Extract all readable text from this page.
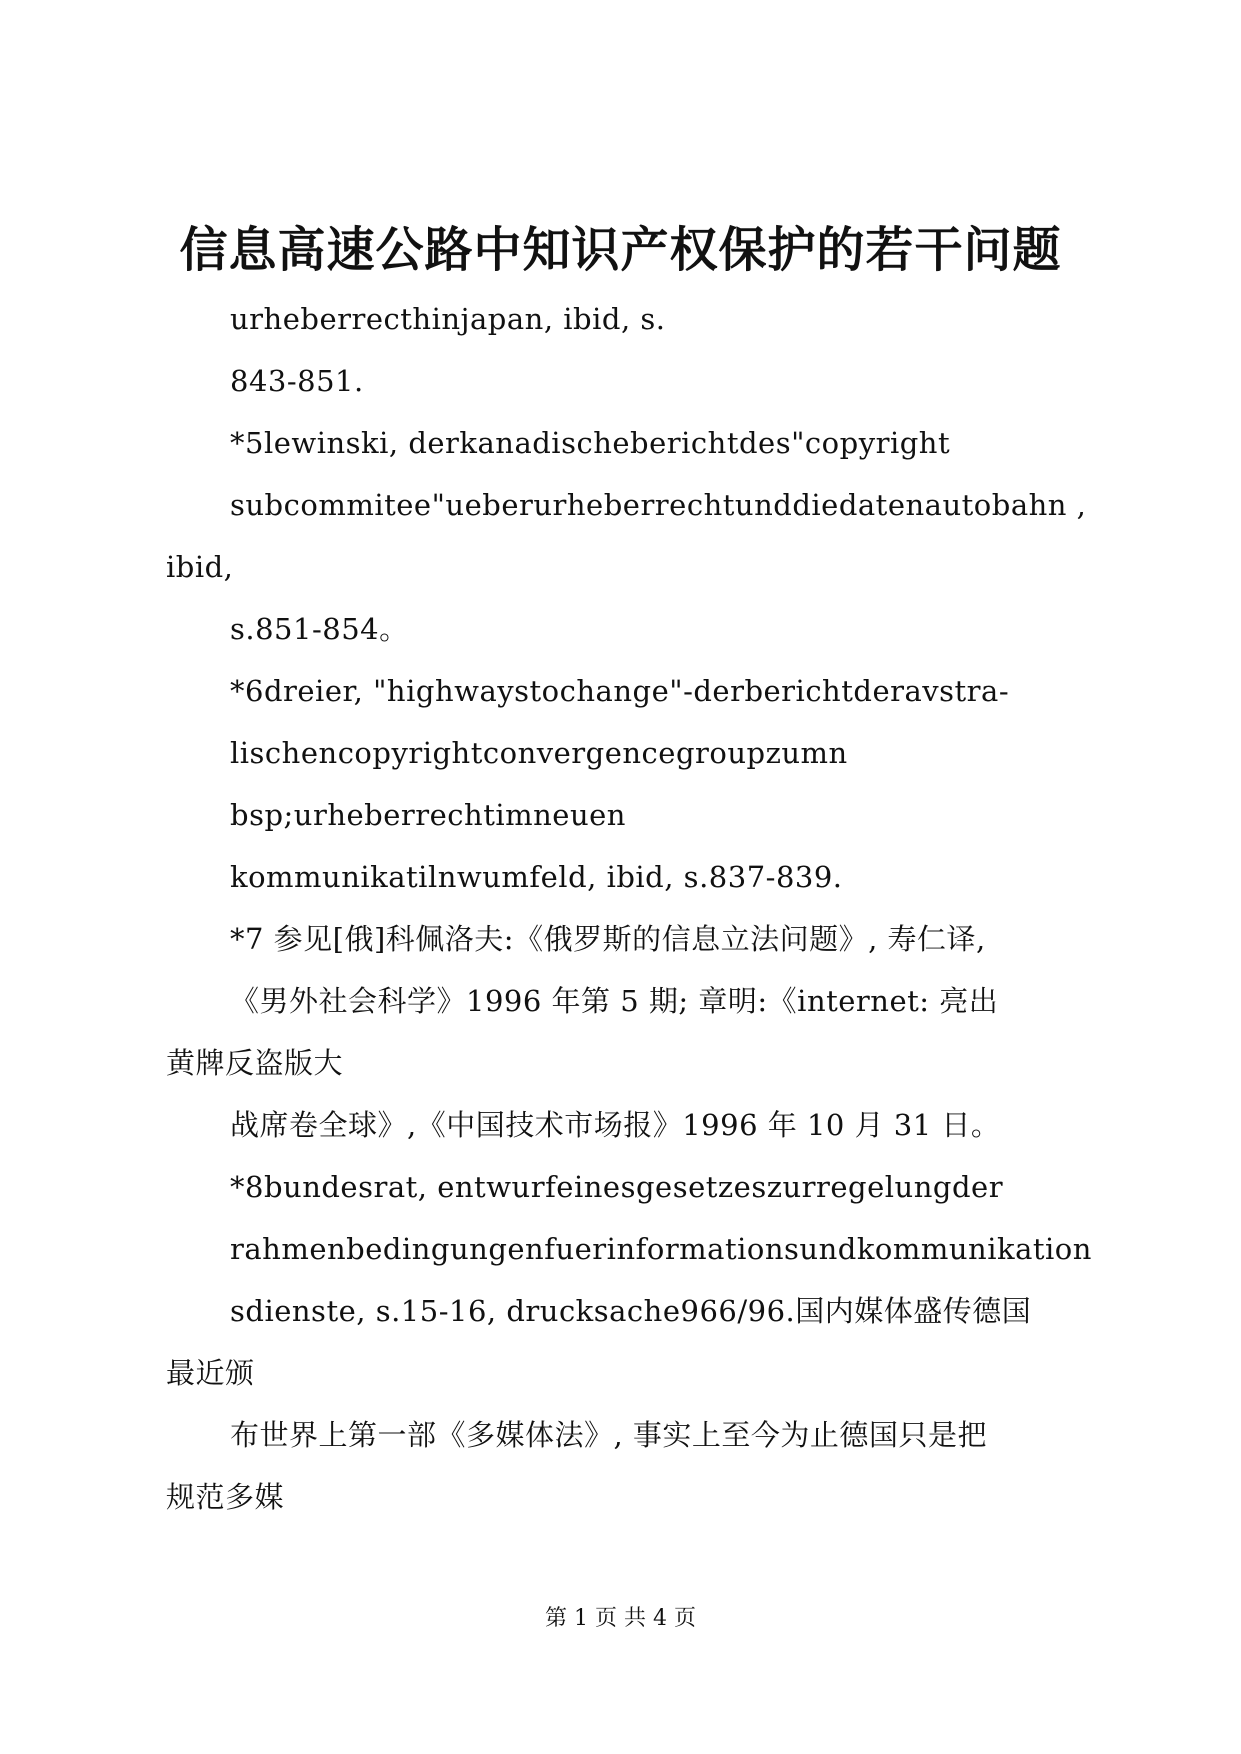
信息高速公路中知识产权保护的若干问题
urheberrecthinjapan, ibid, s.
843-851.
*5lewinski, derkanadischeberichtdes"copyright
subcommitee"ueberurheberrechtunddiedatenautobahn ,
ibid,
s.851-854。
*6dreier, "highwaystochange"-derberichtderavstra-
lischencopyrightconvergencegroupzumn
bsp;urheberrechtimneuen
kommunikatilnwumfeld, ibid, s.837-839.
*7 参见[俄]科佩洛夫:《俄罗斯的信息立法问题》, 寿仁译,
《男外社会科学》1996 年第 5 期; 章明:《internet: 亮出
黄牌反盗版大
战席卷全球》,《中国技术市场报》1996 年 10 月 31 日。
*8bundesrat, entwurfeinesgesetzeszurregelungder
rahmenbedingungenfuerinformationsundkommunikation
sdienste, s.15-16, drucksache966/96.国内媒体盛传德国
最近颁
布世界上第一部《多媒体法》, 事实上至今为止德国只是把
规范多媒
第 1 页 共 4 页
